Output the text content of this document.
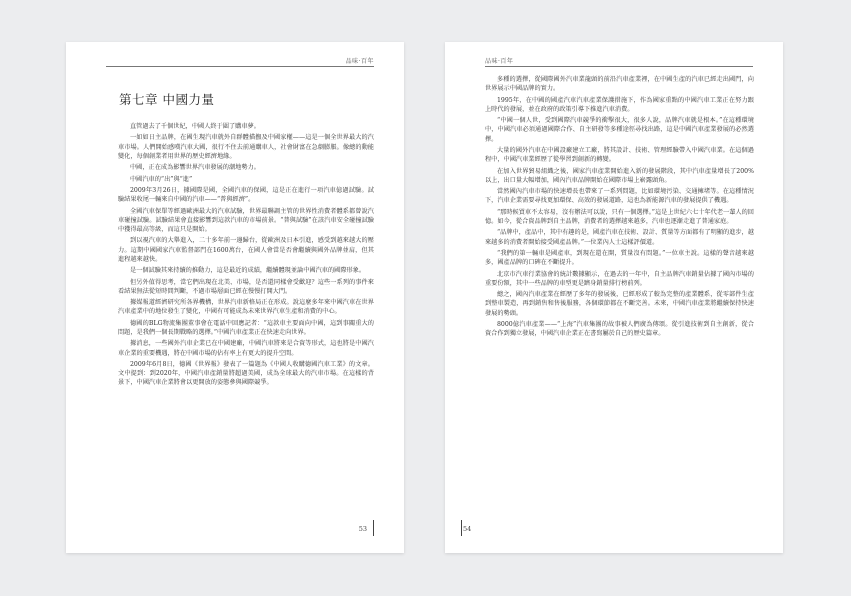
品味·百年
第七章 中國力量

直管過去了千個世紀，中國人終于圍了購車夢。

一如如日主品牌，在國生現汽車就外自群體描撫及中國家權——這是一個全世界最大的汽車市場。人們開始感嘆汽車大國，很行不住去前通購車人，社會財富在急劇膨脹。像總的動能變化，每個創業者用世界的歷史經濟地緣。

中國，正在成為影響世界汽車發展的潮地勢力。

中國汽車的“出”與“進”

2009年3月26日，據國際是國，全國汽車的保國，這是正在進行一項汽車億過試驗。試驗結果收尾一輛來自中國的汽車——“普與經濟”。

全國汽車保單等經過歐洲最大的汽車試驗，世界最聯調主管的世界性消費者體系都曾說汽車碰撞試驗。試驗結果會直接影響到這款汽車的市場前景。“普與試驗”在該汽車安全碰撞試驗中獲得最高等級，而這只是開始。

到以視汽車的大舉進入，二十多年前一邊歸台，從歐洲及日本引進，感受到越來越大的壓力。這期中國國家汽車監督部門在1600萬台，在國人會當是否會繼續與國外品牌並肩，但其進程越來越快。

是一個試驗其來持續的推動力，這是最近的成績，繼續體現並論中國汽車的國際形象。

但另外值得思考，當它們出現在北美、市場，是否還同樣會受歡迎？這些一系列的事件來看結果無法從短時間判斷，不過市場層面已經在慢慢打開大門。

據媒報道經濟研究所各界機構，世界汽車新格局正在形成。說這麼多年來中國汽車在世界汽車產業中的地位發生了變化，中國有可能成為未來世界汽車生產和消費的中心。

德國的BLG物流集團董事會在電話中回應記者：“這款車主要面向中國，這到事關重大的問題，是我們一個長期戰略的選擇。”中國汽車產業正在快速走向世界。

據消息，一些國外汽車企業已在中國建廠，中國汽車將來是合資等形式，這也將是中國汽車企業的重要機遇，將在中國市場的佔有率上有更大的提升空間。

2009年6月8日，德國《世界報》發表了一篇題為《中國人收購德國汽車工業》的文章。文中提到：到2020年，中國汽車產銷量將超過美國，成為全球最大的汽車市場。在這樣的背景下，中國汽車企業將會以更開放的姿態參與國際競爭。

53
品味·百年

多種的選擇，從國際國外汽車業龍頭的前沿汽車產業裡，在中國生產的汽車已經走出國門，向世界展示中國品牌的實力。

1995年，在中國的國產汽車汽車產業保護措施下，作為國家重點的中國汽車工業正在努力跟上時代的發展，並在政府的政策引導下推進汽車消費。

“中國一個人世，受到國際汽車競爭的衝擊很大，很多人說，品牌汽車就是根本。”在這種環境中，中國汽車必須通過國際合作、自主研發等多種途徑尋找出路，這是中國汽車產業發展的必然選擇。

大量的國外汽車在中國設廠建立工廠，將其設計、技術、管理經驗帶入中國汽車業。在這個過程中，中國汽車業經歷了從學習到創新的轉變。

在加入世界貿易組織之後，國家汽車產業開始進入新的發展階段，其中汽車產量增長了200%以上，出口量大幅增加，國內汽車品牌開始在國際市場上嶄露頭角。

當然國內汽車市場的快速增長也帶來了一系列問題，比如環境污染、交通擁堵等。在這種情況下，汽車企業需要尋找更加環保、高效的發展道路，這也為新能源汽車的發展提供了機遇。

“那時候買車不太容易，沒有辦法可以說，只有一個選擇。”這是上世紀六七十年代老一輩人的回憶。如今，從合資品牌到自主品牌，消費者的選擇越來越多，汽車也逐漸走進了普通家庭。

“品牌中，產品中，其中有趣的是，國產汽車在技術、設計、質量等方面都有了明顯的進步，越來越多的消費者開始接受國產品牌。”一位業內人士這樣評價道。

“我們的第一輛車是國產車，到現在還在開，質量沒有問題。”一位車主說。這樣的聲音越來越多，國產品牌的口碑在不斷提升。

北京市汽車行業協會的統計數據顯示，在過去的一年中，自主品牌汽車銷量佔據了國內市場的重要份額，其中一些品牌的車型更是躋身銷量排行榜前列。

總之，國內汽車產業在經歷了多年的發展後，已經形成了較為完整的產業體系，從零部件生產到整車製造，再到銷售和售後服務，各個環節都在不斷完善。未來，中國汽車產業將繼續保持快速發展的勢頭。

8000億汽車產業——“上海”汽車集團的故事被人們廣為傳頌。從引進技術到自主創新，從合資合作到獨立發展，中國汽車企業正在書寫屬於自己的歷史篇章。

54
